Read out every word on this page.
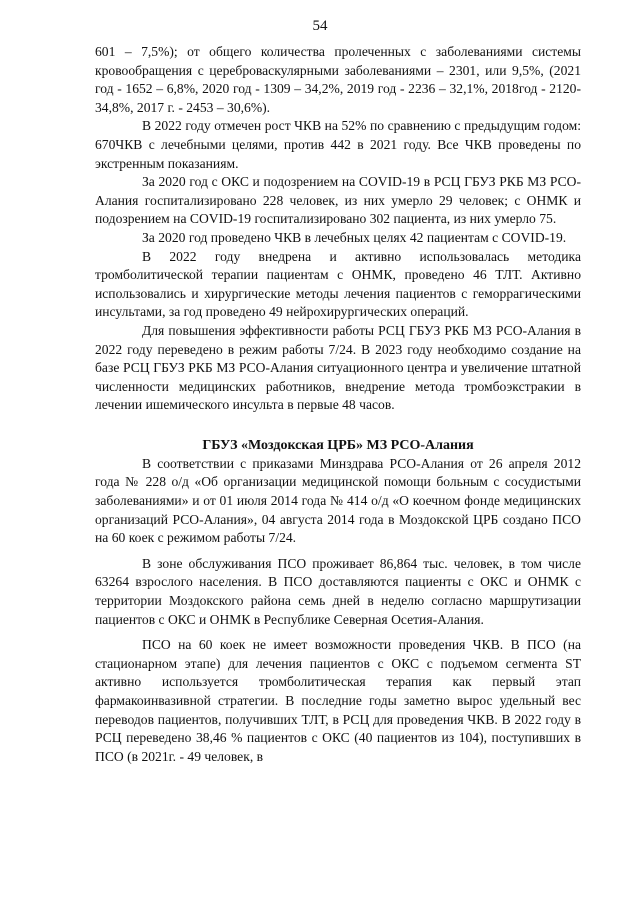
54

601 – 7,5%); от общего количества пролеченных с заболеваниями системы кровообращения с цереброваскулярными заболеваниями – 2301, или 9,5%, (2021 год - 1652 – 6,8%, 2020 год - 1309 – 34,2%, 2019 год - 2236 – 32,1%, 2018год - 2120- 34,8%, 2017 г. - 2453 – 30,6%).

В 2022 году отмечен рост ЧКВ на 52% по сравнению с предыдущим годом: 670ЧКВ с лечебными целями, против 442 в 2021 году. Все ЧКВ проведены по экстренным показаниям.

За 2020 год с ОКС и подозрением на COVID-19 в РСЦ ГБУЗ РКБ МЗ РСО-Алания госпитализировано 228 человек, из них умерло 29 человек; с ОНМК и подозрением на COVID-19 госпитализировано 302 пациента, из них умерло 75.

За 2020 год проведено ЧКВ в лечебных целях 42 пациентам с COVID-19.

В 2022 году внедрена и активно использовалась методика тромболитической терапии пациентам с ОНМК, проведено 46 ТЛТ. Активно использовались и хирургические методы лечения пациентов с геморрагическими инсультами, за год проведено 49 нейрохирургических операций.

Для повышения эффективности работы РСЦ ГБУЗ РКБ МЗ РСО-Алания в 2022 году переведено в режим работы 7/24. В 2023 году необходимо создание на базе РСЦ ГБУЗ РКБ МЗ РСО-Алания ситуационного центра и увеличение штатной численности медицинских работников, внедрение метода тромбоэкстракии в лечении ишемического инсульта в первые 48 часов.

ГБУЗ «Моздокская ЦРБ» МЗ РСО-Алания

В соответствии с приказами Минздрава РСО-Алания от 26 апреля 2012 года № 228 о/д «Об организации медицинской помощи больным с сосудистыми заболеваниями» и от 01 июля 2014 года № 414 о/д «О коечном фонде медицинских организаций РСО-Алания», 04 августа 2014 года в Моздокской ЦРБ создано ПСО на 60 коек с режимом работы 7/24.

В зоне обслуживания ПСО проживает 86,864 тыс. человек, в том числе 63264 взрослого населения. В ПСО доставляются пациенты с ОКС и ОНМК с территории Моздокского района семь дней в неделю согласно маршрутизации пациентов с ОКС и ОНМК в Республике Северная Осетия-Алания.

ПСО на 60 коек не имеет возможности проведения ЧКВ. В ПСО (на стационарном этапе) для лечения пациентов с ОКС с подъемом сегмента ST активно используется тромболитическая терапия как первый этап фармакоинвазивной стратегии. В последние годы заметно вырос удельный вес переводов пациентов, получивших ТЛТ, в РСЦ для проведения ЧКВ. В 2022 году в РСЦ переведено 38,46 % пациентов с ОКС (40 пациентов из 104), поступивших в ПСО (в 2021г. - 49 человек, в
